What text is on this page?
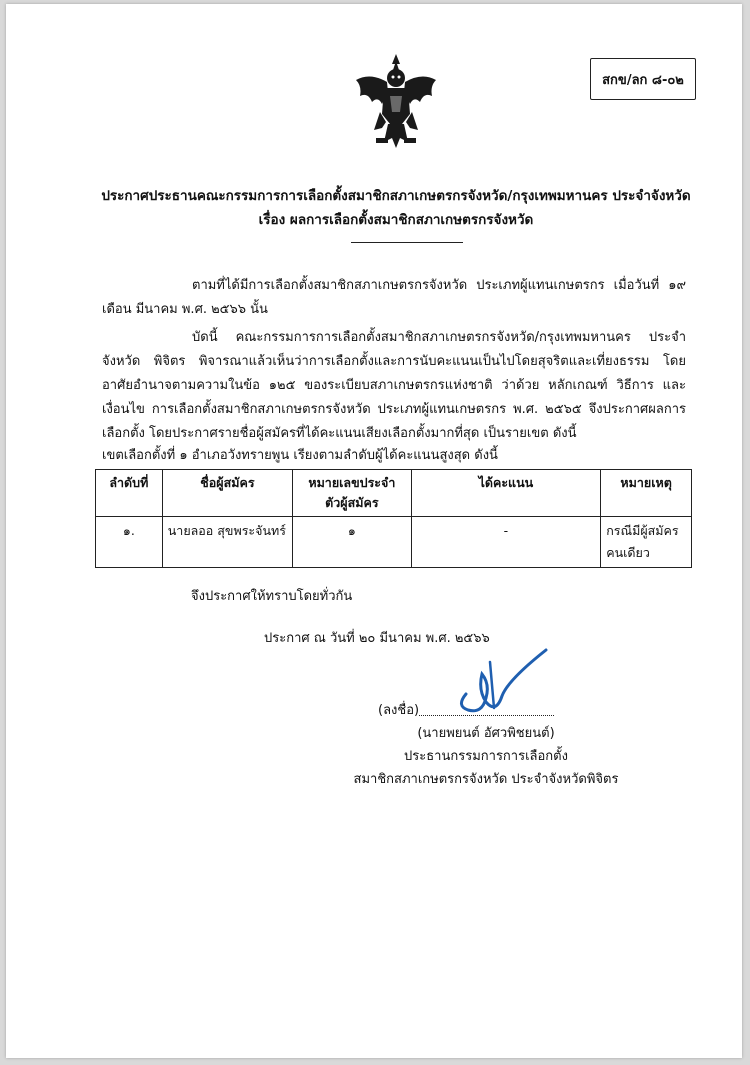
สกข/ลก ๘-๐๒
ประกาศประธานคณะกรรมการการเลือกตั้งสมาชิกสภาเกษตรกรจังหวัด/กรุงเทพมหานคร ประจำจังหวัด
เรื่อง ผลการเลือกตั้งสมาชิกสภาเกษตรกรจังหวัด
ตามที่ได้มีการเลือกตั้งสมาชิกสภาเกษตรกรจังหวัด ประเภทผู้แทนเกษตรกร เมื่อวันที่ ๑๙ เดือน มีนาคม พ.ศ. ๒๕๖๖ นั้น
บัดนี้ คณะกรรมการการเลือกตั้งสมาชิกสภาเกษตรกรจังหวัด/กรุงเทพมหานคร ประจำจังหวัด พิจิตร พิจารณาแล้วเห็นว่าการเลือกตั้งและการนับคะแนนเป็นไปโดยสุจริตและเที่ยงธรรม โดยอาศัยอำนาจตามความในข้อ ๑๒๕ ของระเบียบสภาเกษตรกรแห่งชาติ ว่าด้วย หลักเกณฑ์ วิธีการ และเงื่อนไข การเลือกตั้งสมาชิกสภาเกษตรกรจังหวัด ประเภทผู้แทนเกษตรกร พ.ศ. ๒๕๖๕ จึงประกาศผลการเลือกตั้ง โดยประกาศรายชื่อผู้สมัครที่ได้คะแนนเสียงเลือกตั้งมากที่สุด เป็นรายเขต ดังนี้
เขตเลือกตั้งที่ ๑ อำเภอวังทรายพูน เรียงตามลำดับผู้ได้คะแนนสูงสุด ดังนี้
ลำดับที่	ชื่อผู้สมัคร	หมายเลขประจำตัวผู้สมัคร	ได้คะแนน	หมายเหตุ
๑.	นายลออ สุขพระจันทร์	๑	-	กรณีมีผู้สมัครคนเดียว
จึงประกาศให้ทราบโดยทั่วกัน
ประกาศ ณ วันที่ ๒๐ มีนาคม พ.ศ. ๒๕๖๖
(ลงชื่อ)
(นายพยนต์ อัศวพิชยนต์)
ประธานกรรมการการเลือกตั้ง
สมาชิกสภาเกษตรกรจังหวัด ประจำจังหวัดพิจิตร
